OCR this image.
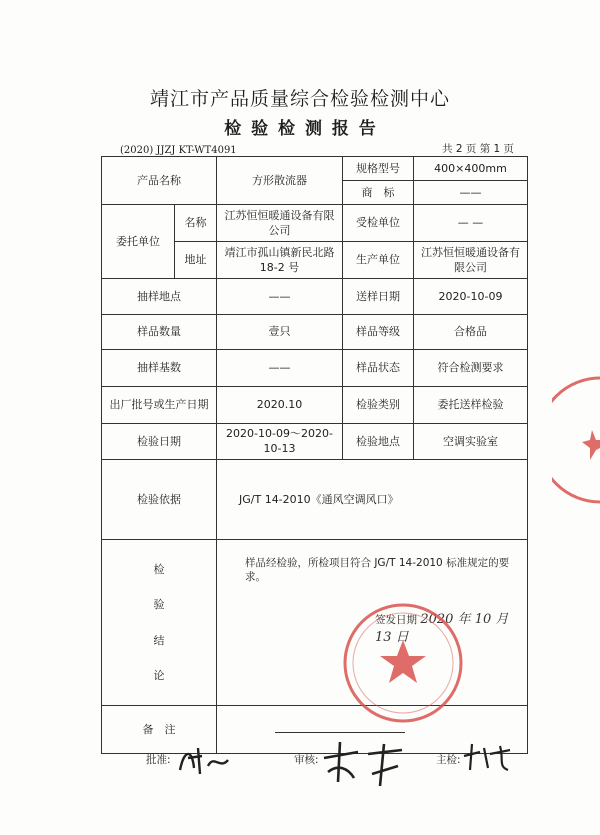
靖江市产品质量综合检验检测中心
检 验 检 测 报 告
(2020) JJZJ KT-WT4091	共 2 页 第 1 页
产品名称		方形散流器	规格型号	400×400mm
			商　标	——
委托单位	名称	江苏恒恒暖通设备有限公司	受检单位	— —
	地址	靖江市孤山镇新民北路18-2 号	生产单位	江苏恒恒暖通设备有限公司
抽样地点		——	送样日期	2020-10-09
样品数量		壹只	样品等级	合格品
抽样基数		——	样品状态	符合检测要求
出厂批号或生产日期		2020.10	检验类别	委托送样检验
检验日期		2020-10-09～2020-10-13	检验地点	空调实验室
检验依据		JG/T 14-2010《通风空调风口》		

检
验
结
论		样品经检验，所检项目符合 JG/T 14-2010 标准规定的要求。
签发日期 2020 年 10 月 13 日		

备　注				
批准:	审核:	主检:
